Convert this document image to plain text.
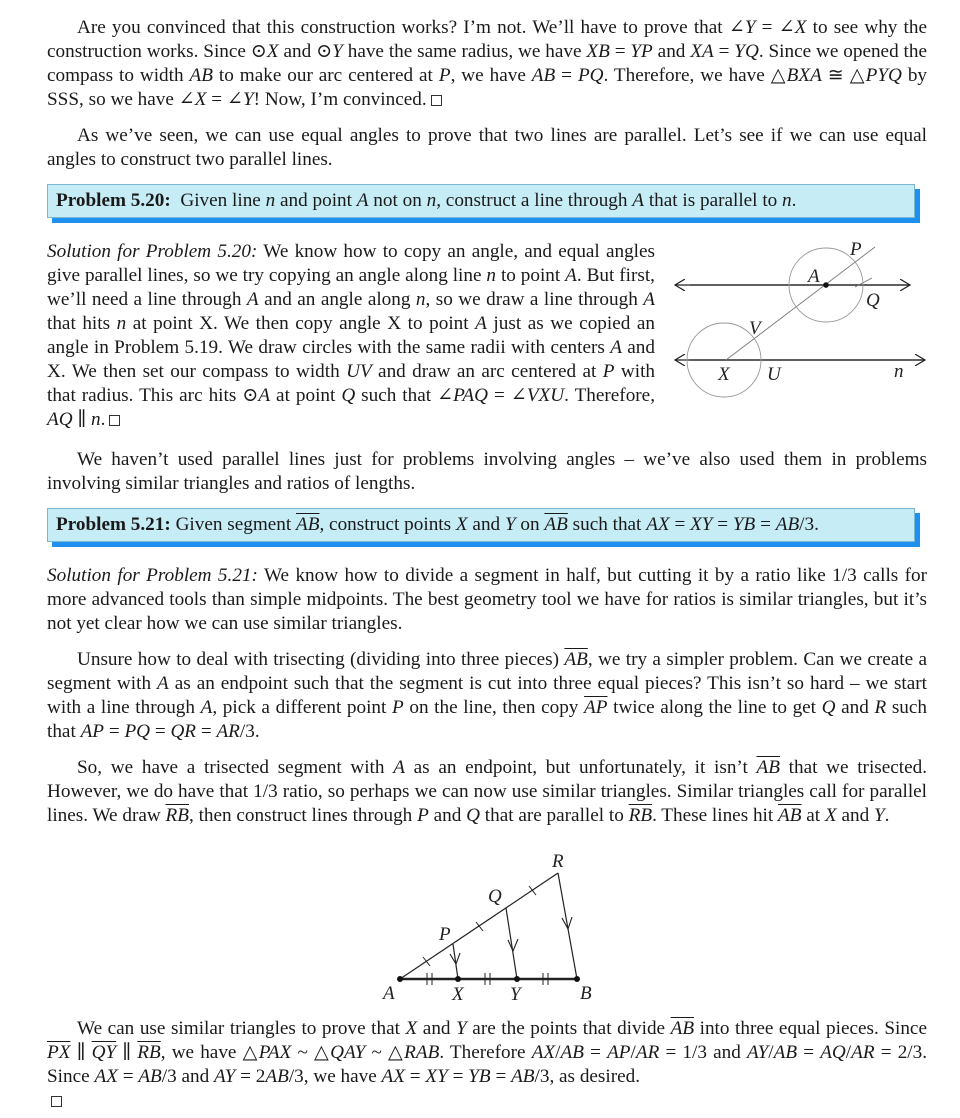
Are you convinced that this construction works? I’m not. We’ll have to prove that ∠Y = ∠X to see why the construction works. Since ⊙X and ⊙Y have the same radius, we have XB = YP and XA = YQ. Since we opened the compass to width AB to make our arc centered at P, we have AB = PQ. Therefore, we have △BXA ≅ △PYQ by SSS, so we have ∠X = ∠Y! Now, I’m convinced.
As we’ve seen, we can use equal angles to prove that two lines are parallel. Let’s see if we can use equal angles to construct two parallel lines.
Problem 5.20: Given line n and point A not on n, construct a line through A that is parallel to n.
Solution for Problem 5.20: We know how to copy an angle, and equal angles give parallel lines, so we try copying an angle along line n to point A. But first, we’ll need a line through A and an angle along n, so we draw a line through A that hits n at point X. We then copy angle X to point A just as we copied an angle in Problem 5.19. We draw circles with the same radii with centers A and X. We then set our compass to width UV and draw an arc centered at P with that radius. This arc hits ⊙A at point Q such that ∠PAQ = ∠VXU. Therefore, AQ ∥ n.
P
A
Q
V
X U	n
We haven’t used parallel lines just for problems involving angles – we’ve also used them in problems involving similar triangles and ratios of lengths.
Problem 5.21: Given segment $\overline{AB}$, construct points X and Y on $\overline{AB}$ such that AX = XY = YB = AB/3.
Solution for Problem 5.21: We know how to divide a segment in half, but cutting it by a ratio like 1/3 calls for more advanced tools than simple midpoints. The best geometry tool we have for ratios is similar triangles, but it’s not yet clear how we can use similar triangles.
Unsure how to deal with trisecting (dividing into three pieces) $\overline{AB}$, we try a simpler problem. Can we create a segment with A as an endpoint such that the segment is cut into three equal pieces? This isn’t so hard – we start with a line through A, pick a different point P on the line, then copy $\overline{AP}$ twice along the line to get Q and R such that AP = PQ = QR = AR/3.
So, we have a trisected segment with A as an endpoint, but unfortunately, it isn’t $\overline{AB}$ that we trisected. However, we do have that 1/3 ratio, so perhaps we can now use similar triangles. Similar triangles call for parallel lines. We draw $\overline{RB}$, then construct lines through P and Q that are parallel to $\overline{RB}$. These lines hit $\overline{AB}$ at X and Y.
R
Q
P
A	X Y	B
We can use similar triangles to prove that X and Y are the points that divide $\overline{AB}$ into three equal pieces. Since $\overline{PX}$ ∥ $\overline{QY}$ ∥ $\overline{RB}$, we have △PAX ~ △QAY ~ △RAB. Therefore AX/AB = AP/AR = 1/3 and AY/AB = AQ/AR = 2/3. Since AX = AB/3 and AY = 2AB/3, we have AX = XY = YB = AB/3, as desired.
